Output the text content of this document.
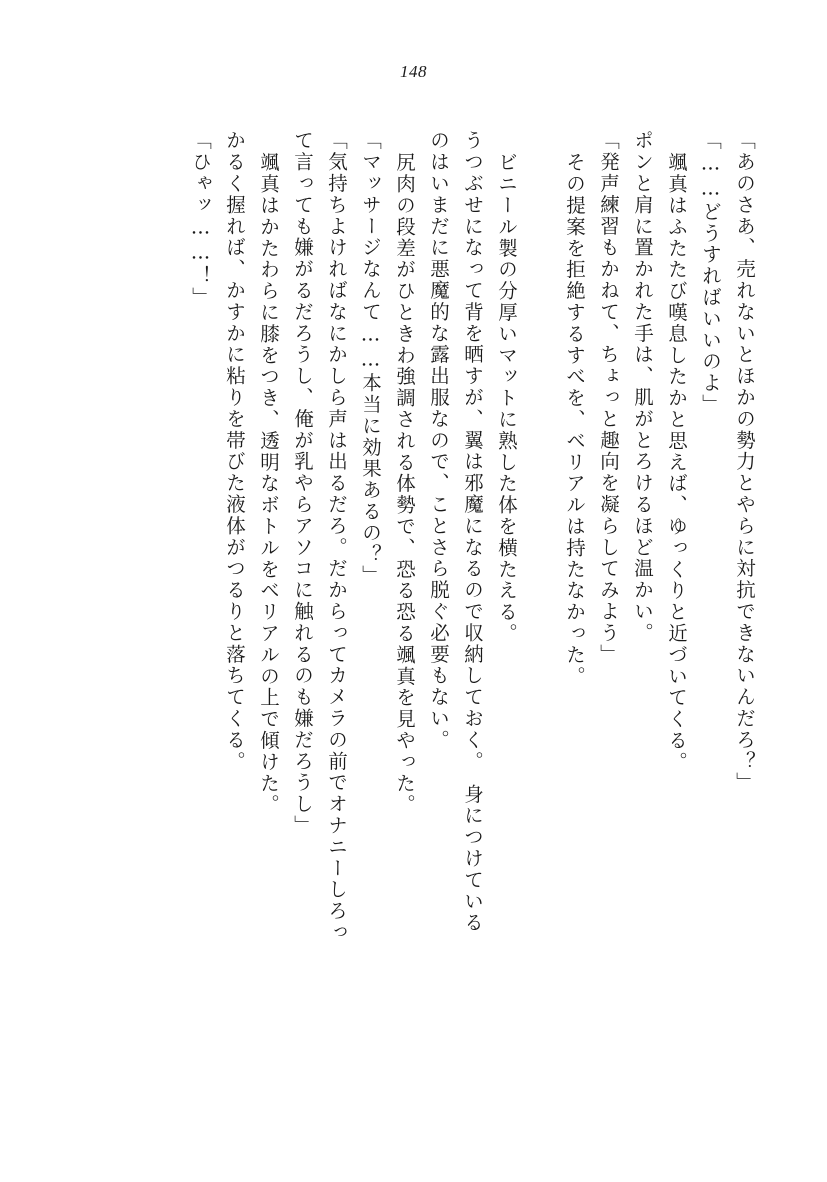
148
「あのさあ、売れないとほかの勢力とやらに対抗できないんだろ？」
「……どうすればいいのよ」
颯真はふたたび嘆息したかと思えば、ゆっくりと近づいてくる。
ポンと肩に置かれた手は、肌がとろけるほど温かい。
「発声練習もかねて、ちょっと趣向を凝らしてみよう」
その提案を拒絶するすべを、ベリアルは持たなかった。
ビニール製の分厚いマットに熟した体を横たえる。
うつぶせになって背を晒すが、翼は邪魔になるので収納しておく。　身につけている
のはいまだに悪魔的な露出服なので、ことさら脱ぐ必要もない。
尻肉の段差がひときわ強調される体勢で、恐る恐る颯真を見やった。
「マッサージなんて……本当に効果あるの？」
「気持ちよければなにかしら声は出るだろ。だからってカメラの前でオナニーしろっ
て言っても嫌がるだろうし、俺が乳やらアソコに触れるのも嫌だろうし」
颯真はかたわらに膝をつき、透明なボトルをベリアルの上で傾けた。
かるく握れば、かすかに粘りを帯びた液体がつるりと落ちてくる。
「ひゃッ……！」
